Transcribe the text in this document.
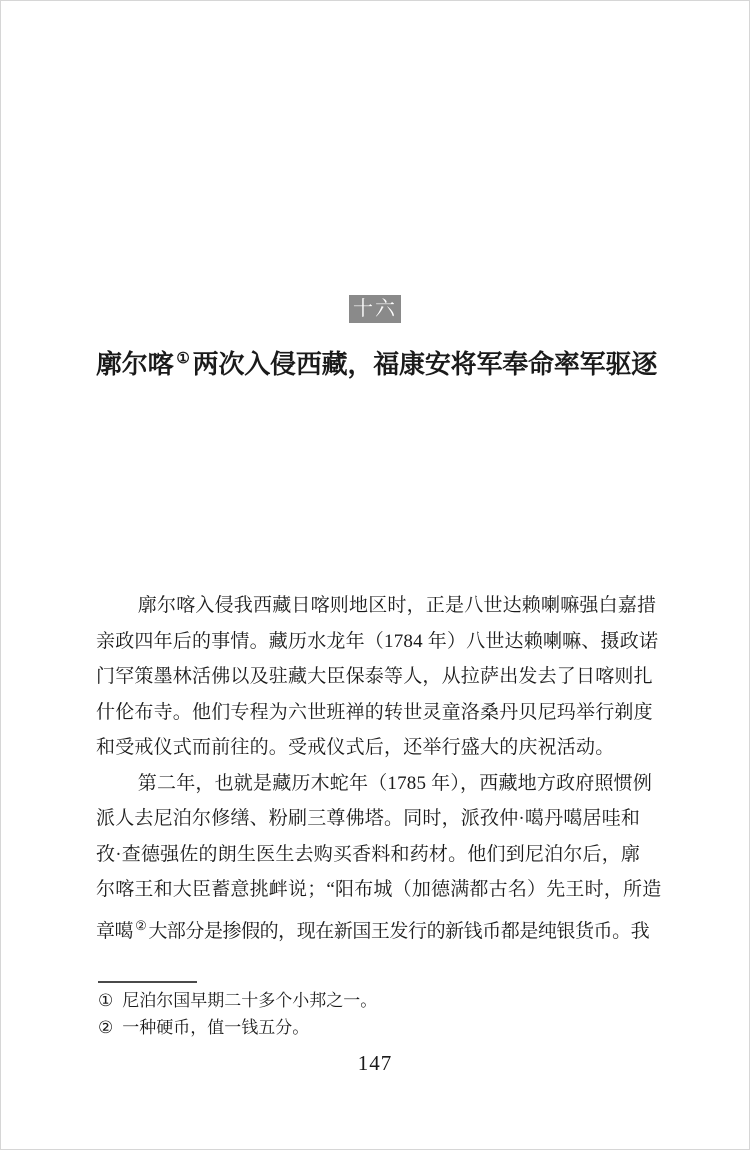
十六
廓尔喀 ① 两次入侵西藏，福康安将军奉命率军驱逐
廓尔喀入侵我西藏日喀则地区时，正是八世达赖喇嘛强白嘉措
亲政四年后的事情。藏历水龙年（1784 年）八世达赖喇嘛、摄政诺
门罕策墨林活佛以及驻藏大臣保泰等人，从拉萨出发去了日喀则扎
什伦布寺。他们专程为六世班禅的转世灵童洛桑丹贝尼玛举行剃度
和受戒仪式而前往的。受戒仪式后，还举行盛大的庆祝活动。
第二年，也就是藏历木蛇年（1785 年），西藏地方政府照惯例
派人去尼泊尔修缮、粉刷三尊佛塔。同时，派孜仲·噶丹噶居哇和
孜·查德强佐的朗生医生去购买香料和药材。他们到尼泊尔后，廓
尔喀王和大臣蓄意挑衅说；“阳布城（加德满都古名）先王时，所造
章噶 ② 大部分是掺假的，现在新国王发行的新钱币都是纯银货币。我
① 尼泊尔国早期二十多个小邦之一。
② 一种硬币，值一钱五分。
147
